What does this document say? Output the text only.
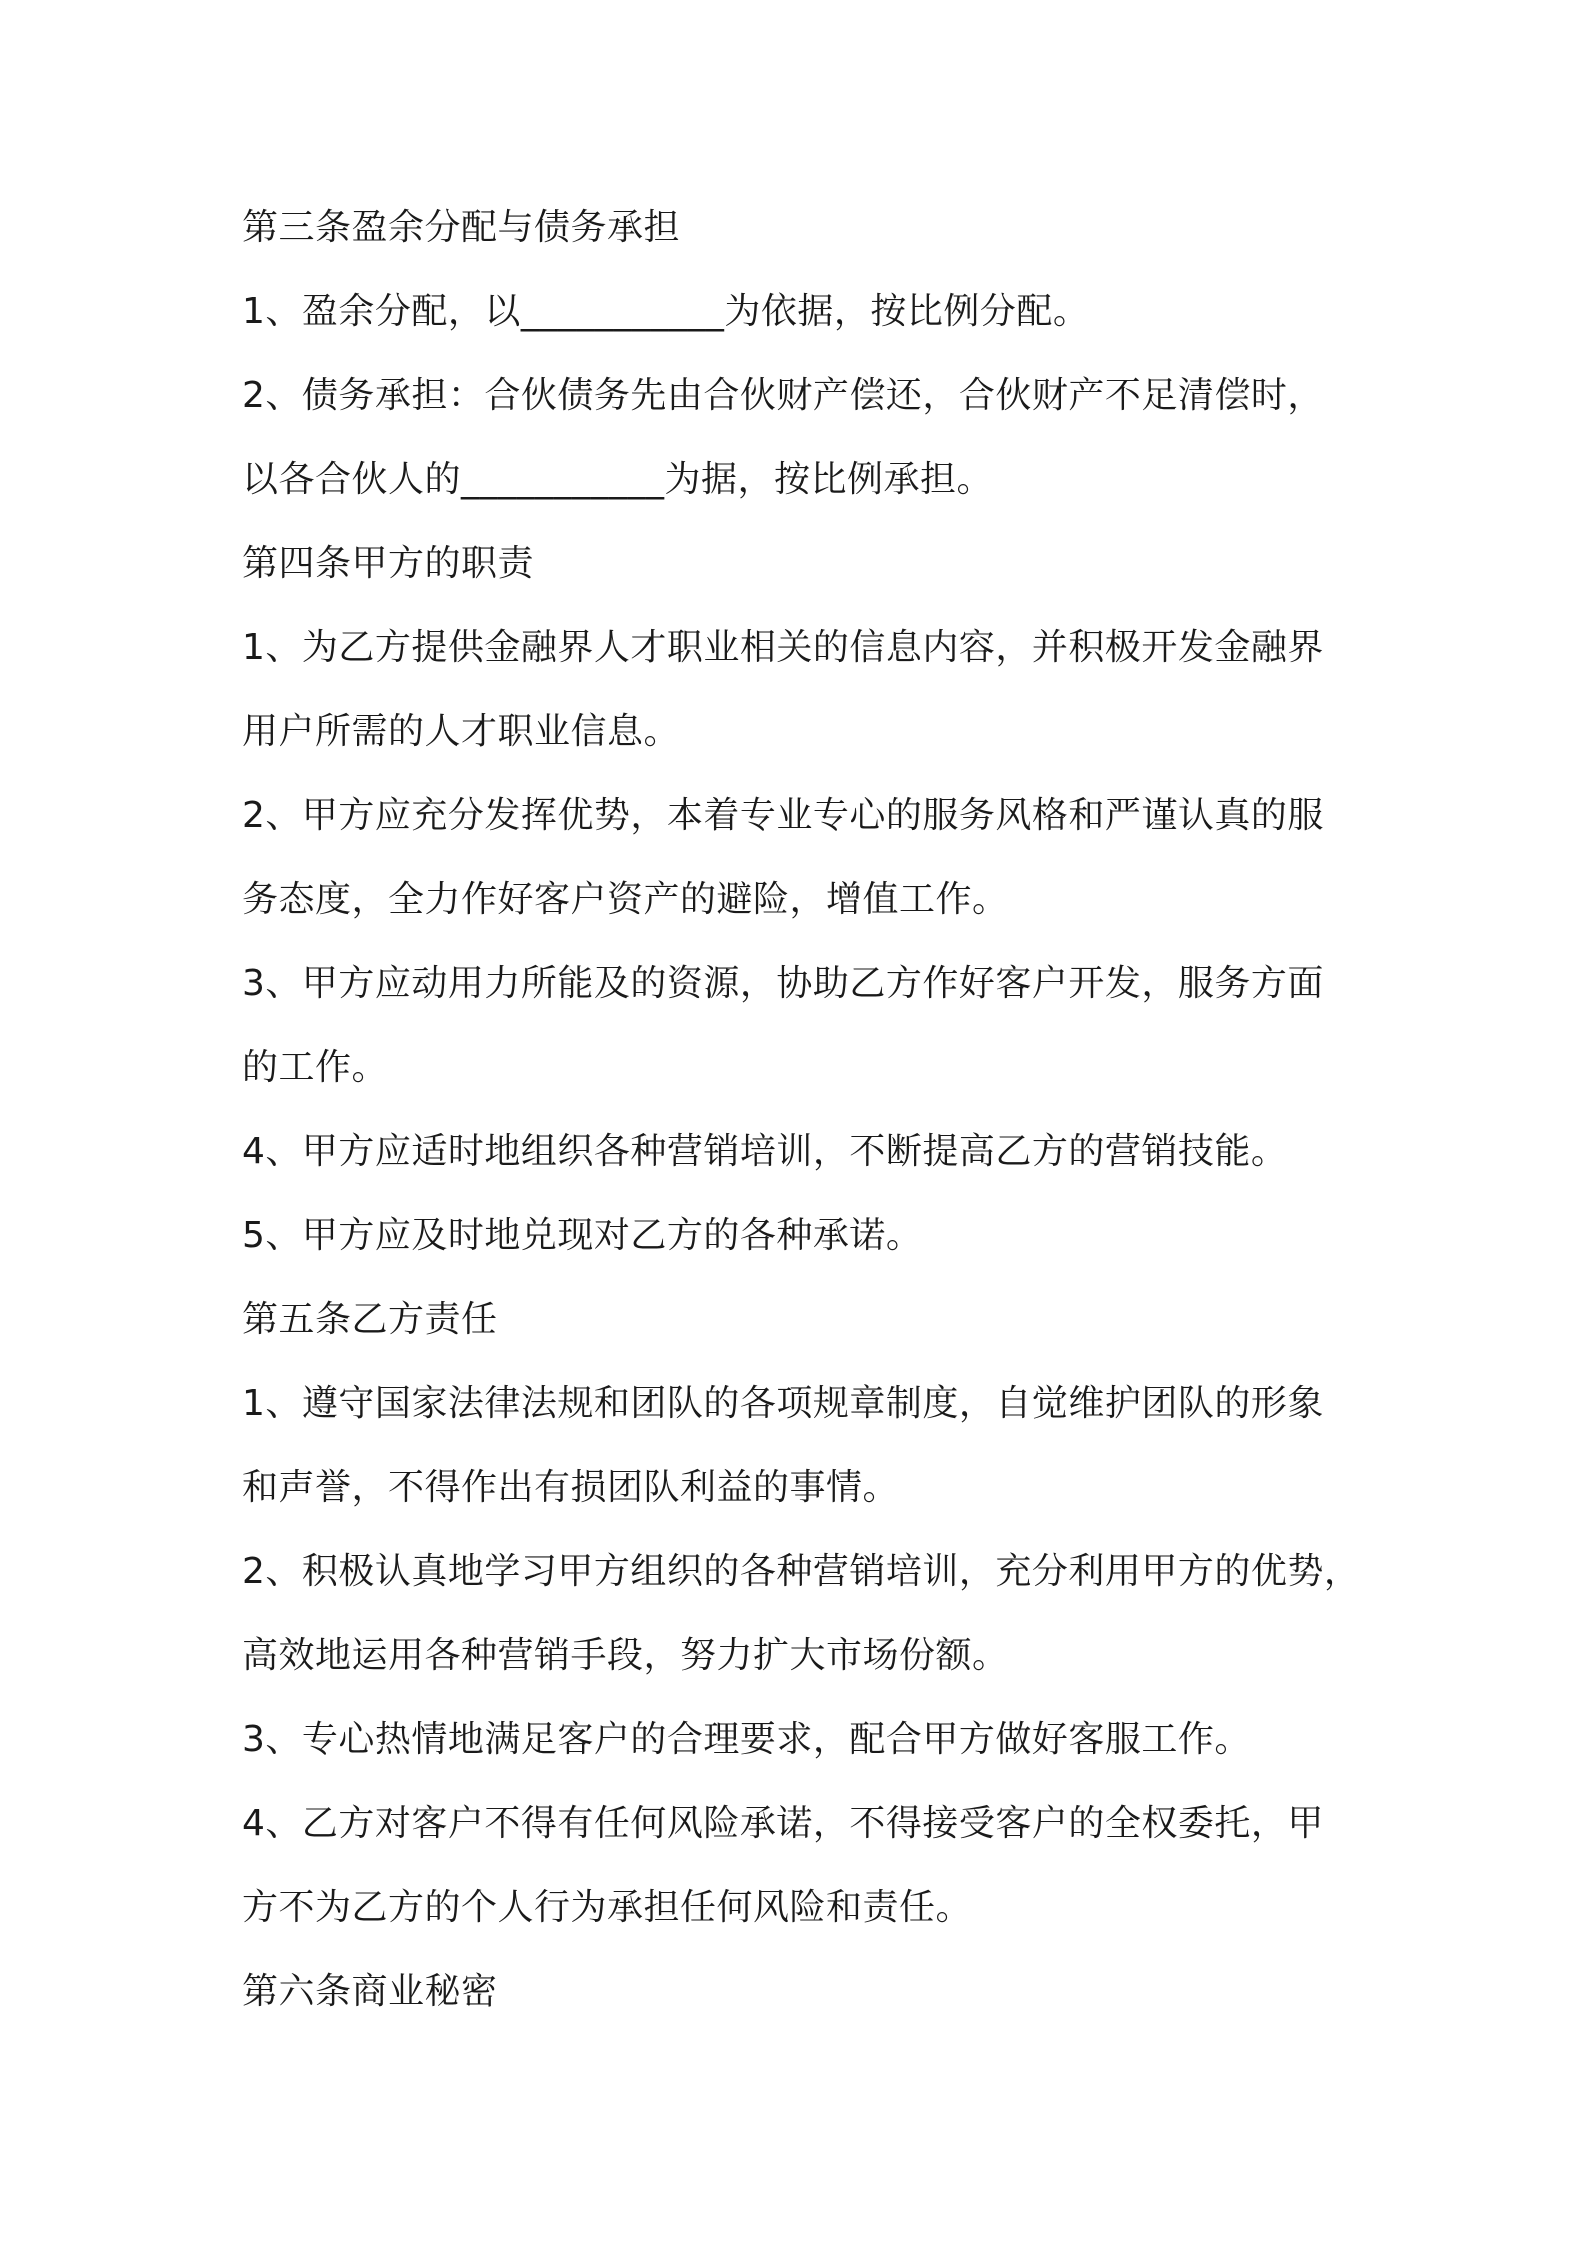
第三条盈余分配与债务承担

1、盈余分配，以___________为依据，按比例分配。

2、债务承担：合伙债务先由合伙财产偿还，合伙财产不足清偿时，

以各合伙人的___________为据，按比例承担。

第四条甲方的职责

1、为乙方提供金融界人才职业相关的信息内容，并积极开发金融界

用户所需的人才职业信息。

2、甲方应充分发挥优势，本着专业专心的服务风格和严谨认真的服

务态度，全力作好客户资产的避险，增值工作。

3、甲方应动用力所能及的资源，协助乙方作好客户开发，服务方面

的工作。

4、甲方应适时地组织各种营销培训，不断提高乙方的营销技能。

5、甲方应及时地兑现对乙方的各种承诺。

第五条乙方责任

1、遵守国家法律法规和团队的各项规章制度，自觉维护团队的形象

和声誉，不得作出有损团队利益的事情。

2、积极认真地学习甲方组织的各种营销培训，充分利用甲方的优势，

高效地运用各种营销手段，努力扩大市场份额。

3、专心热情地满足客户的合理要求，配合甲方做好客服工作。

4、乙方对客户不得有任何风险承诺，不得接受客户的全权委托，甲

方不为乙方的个人行为承担任何风险和责任。

第六条商业秘密
